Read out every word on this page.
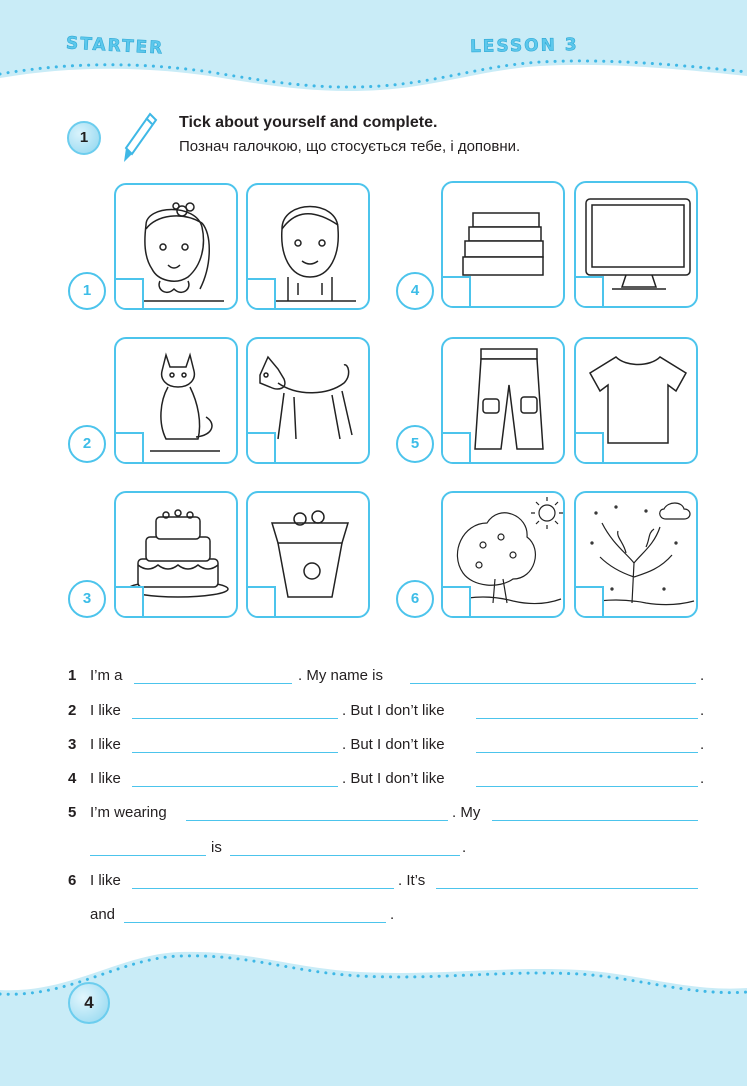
STARTER	LESSON 3
1
Tick about yourself and complete.
Познач галочкою, що стосується тебе, і доповни.
1
2
3
4
5
6
1 I’m a	. My name is	.
2 I like	. But I don’t like	.
3 I like	. But I don’t like	.
4 I like	. But I don’t like	.
5 I’m wearing	. My
is	.
6 I like	. It’s
and	.
4
